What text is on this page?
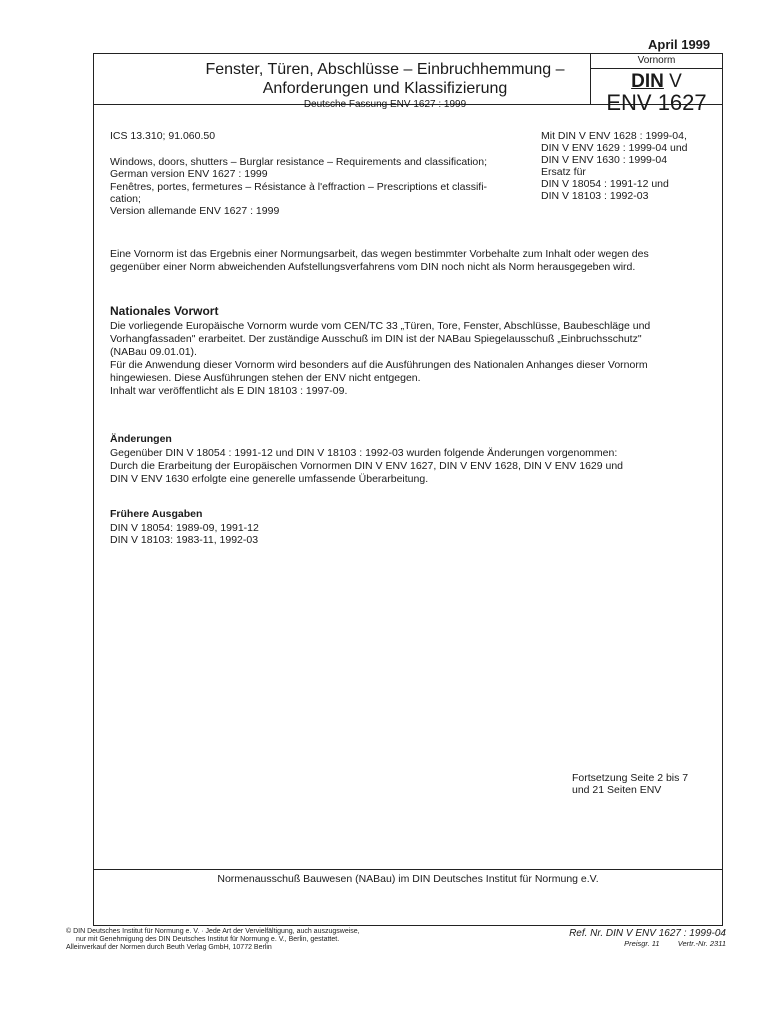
April 1999
Fenster, Türen, Abschlüsse – Einbruchhemmung –
Anforderungen und Klassifizierung
Deutsche Fassung ENV 1627 : 1999
Vornorm
DIN V
ENV 1627
ICS 13.310; 91.060.50
Windows, doors, shutters – Burglar resistance – Requirements and classification;
German version ENV 1627 : 1999
Fenêtres, portes, fermetures – Résistance à l'effraction – Prescriptions et classifi-
cation;
Version allemande ENV 1627 : 1999
Mit DIN V ENV 1628 : 1999-04,
DIN V ENV 1629 : 1999-04 und
DIN V ENV 1630 : 1999-04
Ersatz für
DIN V 18054 : 1991-12 und
DIN V 18103 : 1992-03
Eine Vornorm ist das Ergebnis einer Normungsarbeit, das wegen bestimmter Vorbehalte zum Inhalt oder wegen des
gegenüber einer Norm abweichenden Aufstellungsverfahrens vom DIN noch nicht als Norm herausgegeben wird.
Nationales Vorwort
Die vorliegende Europäische Vornorm wurde vom CEN/TC 33 „Türen, Tore, Fenster, Abschlüsse, Baubeschläge und
Vorhangfassaden" erarbeitet. Der zuständige Ausschuß im DIN ist der NABau Spiegelausschuß „Einbruchsschutz"
(NABau 09.01.01).
Für die Anwendung dieser Vornorm wird besonders auf die Ausführungen des Nationalen Anhanges dieser Vornorm
hingewiesen. Diese Ausführungen stehen der ENV nicht entgegen.
Inhalt war veröffentlicht als E DIN 18103 : 1997-09.
Änderungen
Gegenüber DIN V 18054 : 1991-12 und DIN V 18103 : 1992-03 wurden folgende Änderungen vorgenommen:
Durch die Erarbeitung der Europäischen Vornormen DIN V ENV 1627, DIN V ENV 1628, DIN V ENV 1629 und
DIN V ENV 1630 erfolgte eine generelle umfassende Überarbeitung.
Frühere Ausgaben
DIN V 18054: 1989-09, 1991-12
DIN V 18103: 1983-11, 1992-03
Fortsetzung Seite 2 bis 7
und 21 Seiten ENV
Normenausschuß Bauwesen (NABau) im DIN Deutsches Institut für Normung e.V.
© DIN Deutsches Institut für Normung e. V. · Jede Art der Vervielfältigung, auch auszugsweise,
nur mit Genehmigung des DIN Deutsches Institut für Normung e. V., Berlin, gestattet.
Alleinverkauf der Normen durch Beuth Verlag GmbH, 10772 Berlin
Ref. Nr. DIN V ENV 1627 : 1999-04
Preisgr. 11 Vertr.-Nr. 2311
